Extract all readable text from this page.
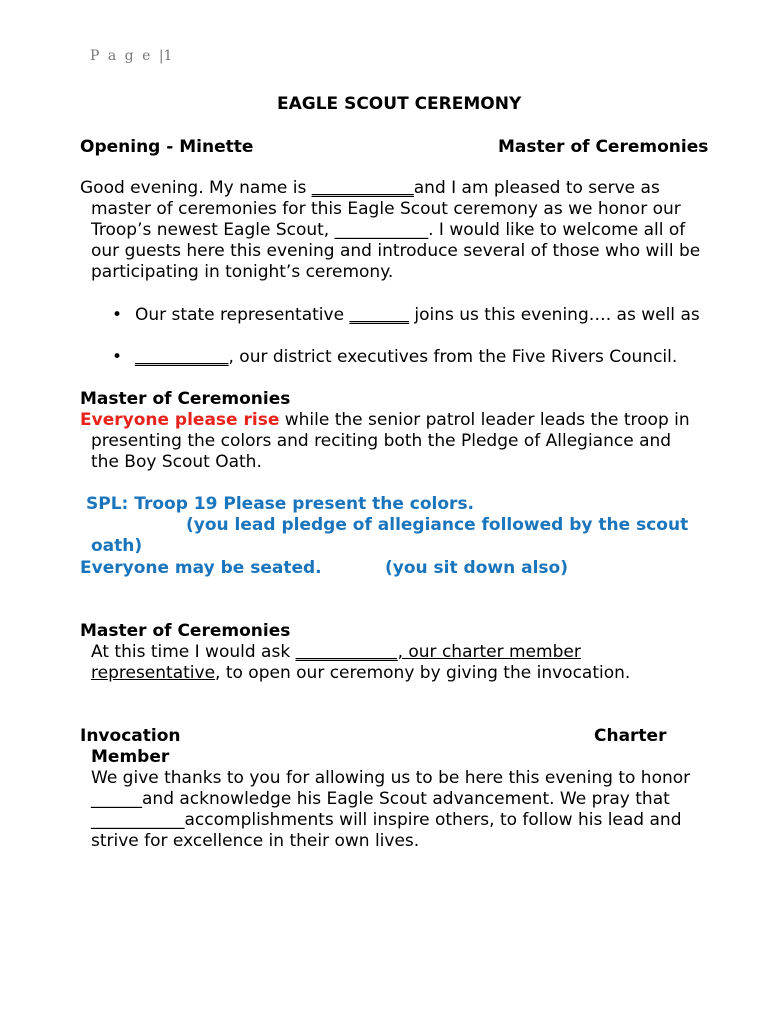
P a g e |1
EAGLE SCOUT CEREMONY
Opening - Minette	Master of Ceremonies
Good evening. My name is ____________and I am pleased to serve as
master of ceremonies for this Eagle Scout ceremony as we honor our
Troop’s newest Eagle Scout, ___________. I would like to welcome all of
our guests here this evening and introduce several of those who will be
participating in tonight’s ceremony.
• Our state representative _______ joins us this evening…. as well as
• ___________, our district executives from the Five Rivers Council.
Master of Ceremonies
Everyone please rise while the senior patrol leader leads the troop in
presenting the colors and reciting both the Pledge of Allegiance and
the Boy Scout Oath.
SPL: Troop 19 Please present the colors.
(you lead pledge of allegiance followed by the scout
oath)
Everyone may be seated.	(you sit down also)
Master of Ceremonies
At this time I would ask ____________, our charter member
representative, to open our ceremony by giving the invocation.
Invocation	Charter
Member
We give thanks to you for allowing us to be here this evening to honor
______and acknowledge his Eagle Scout advancement. We pray that
___________accomplishments will inspire others, to follow his lead and
strive for excellence in their own lives.
